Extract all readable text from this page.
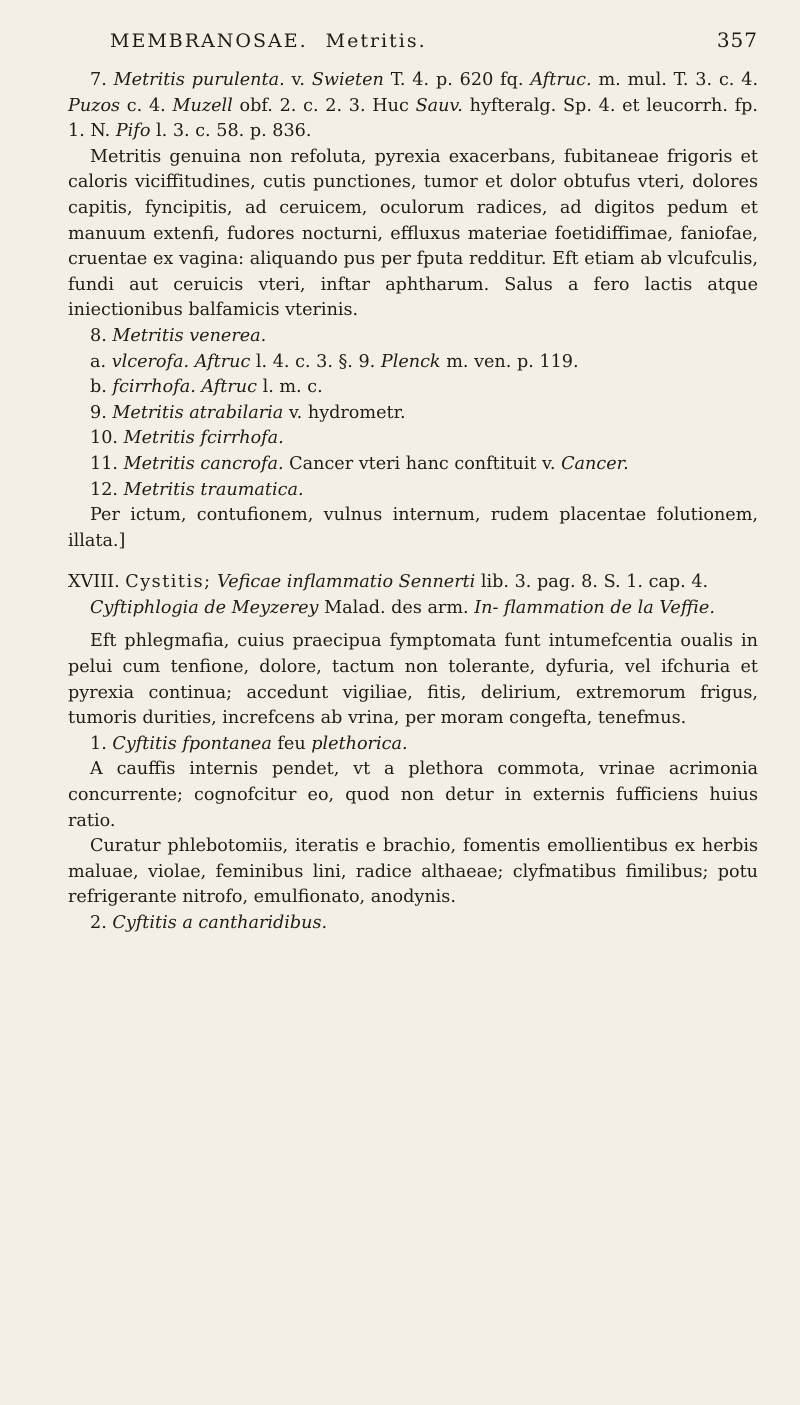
MEMBRANOSAE. Metritis.	357

7. Metritis purulenta. v. Swieten T. 4. p. 620 fq. Aftruc. m. mul. T. 3. c. 4. Puzos c. 4. Muzell obf. 2. c. 2. 3. Huc Sauv. hyfteralg. Sp. 4. et leucorrh. fp. 1. N. Pifo l. 3. c. 58. p. 836.

Metritis genuina non refoluta, pyrexia exacerbans, fubitaneae frigoris et caloris viciffitudines, cutis punctiones, tumor et dolor obtufus vteri, dolores capitis, fyncipitis, ad ceruicem, oculorum radices, ad digitos pedum et manuum extenfi, fudores nocturni, effluxus materiae foetidiffimae, faniofae, cruentae ex vagina: aliquando pus per fputa redditur. Eft etiam ab vlcufculis, fundi aut ceruicis vteri, inftar aphtharum. Salus a fero lactis atque iniectionibus balfamicis vterinis.

8. Metritis venerea.

a. vlcerofa. Aftruc l. 4. c. 3. §. 9. Plenck m. ven. p. 119.

b. fcirrhofa. Aftruc l. m. c.

9. Metritis atrabilaria v. hydrometr.

10. Metritis fcirrhofa.

11. Metritis cancrofa. Cancer vteri hanc conftituit v. Cancer.

12. Metritis traumatica.

Per ictum, contufionem, vulnus internum, rudem placentae folutionem, illata.]

XVIII. Cystitis; Veficae inflammatio Sennerti lib. 3. pag. 8. S. 1. cap. 4. Cyftiphlogia de Meyzerey Malad. des arm. In- flammation de la Veffie.

Eft phlegmafia, cuius praecipua fymptomata funt intumefcentia oualis in pelui cum tenfione, dolore, tactum non tolerante, dyfuria, vel ifchuria et pyrexia continua; accedunt vigiliae, fitis, delirium, extremorum frigus, tumoris durities, increfcens ab vrina, per moram congefta, tenefmus.

1. Cyftitis fpontanea feu plethorica.

A cauffis internis pendet, vt a plethora commota, vrinae acrimonia concurrente; cognofcitur eo, quod non detur in externis fufficiens huius ratio.

Curatur phlebotomiis, iteratis e brachio, fomentis emollientibus ex herbis maluae, violae, feminibus lini, radice althaeae; clyfmatibus fimilibus; potu refrigerante nitrofo, emulfionato, anodynis.

2. Cyftitis a cantharidibus.
